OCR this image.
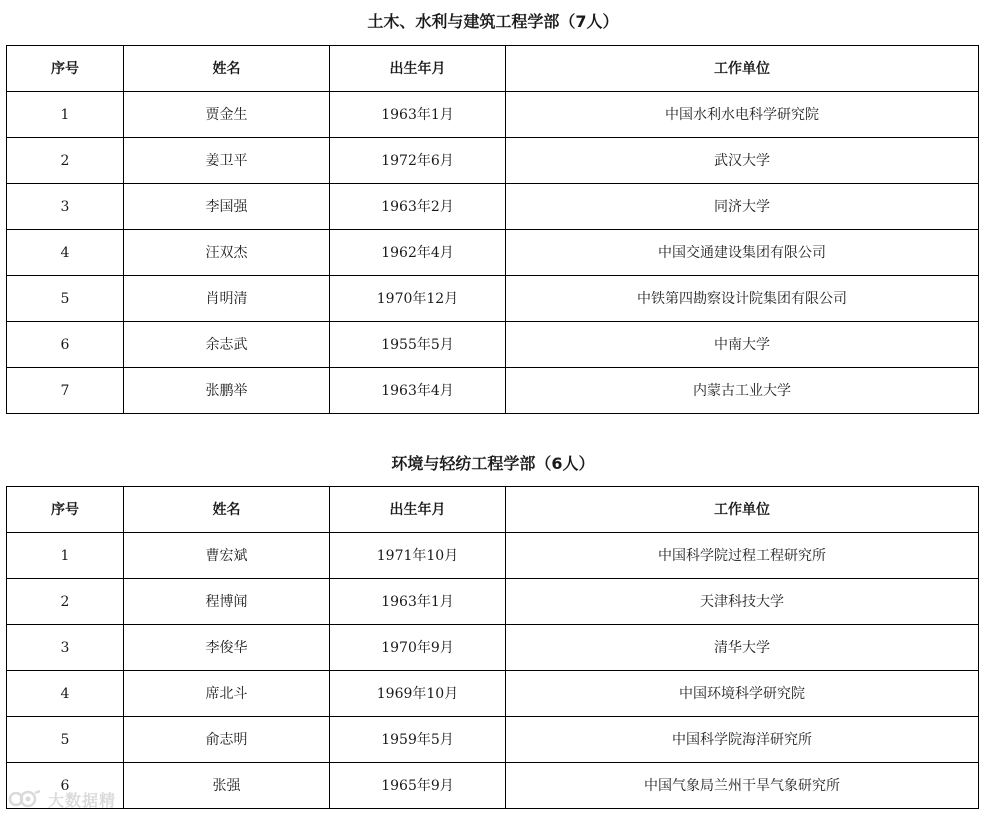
土木、水利与建筑工程学部（7人）
序号	姓名	出生年月	工作单位
1	贾金生	1963年1月	中国水利水电科学研究院
2	姜卫平	1972年6月	武汉大学
3	李国强	1963年2月	同济大学
4	汪双杰	1962年4月	中国交通建设集团有限公司
5	肖明清	1970年12月	中铁第四勘察设计院集团有限公司
6	余志武	1955年5月	中南大学
7	张鹏举	1963年4月	内蒙古工业大学
环境与轻纺工程学部（6人）
序号	姓名	出生年月	工作单位
1	曹宏斌	1971年10月	中国科学院过程工程研究所
2	程博闻	1963年1月	天津科技大学
3	李俊华	1970年9月	清华大学
4	席北斗	1969年10月	中国环境科学研究院
5	俞志明	1959年5月	中国科学院海洋研究所
6	张强	1965年9月	中国气象局兰州干旱气象研究所
大数据精
